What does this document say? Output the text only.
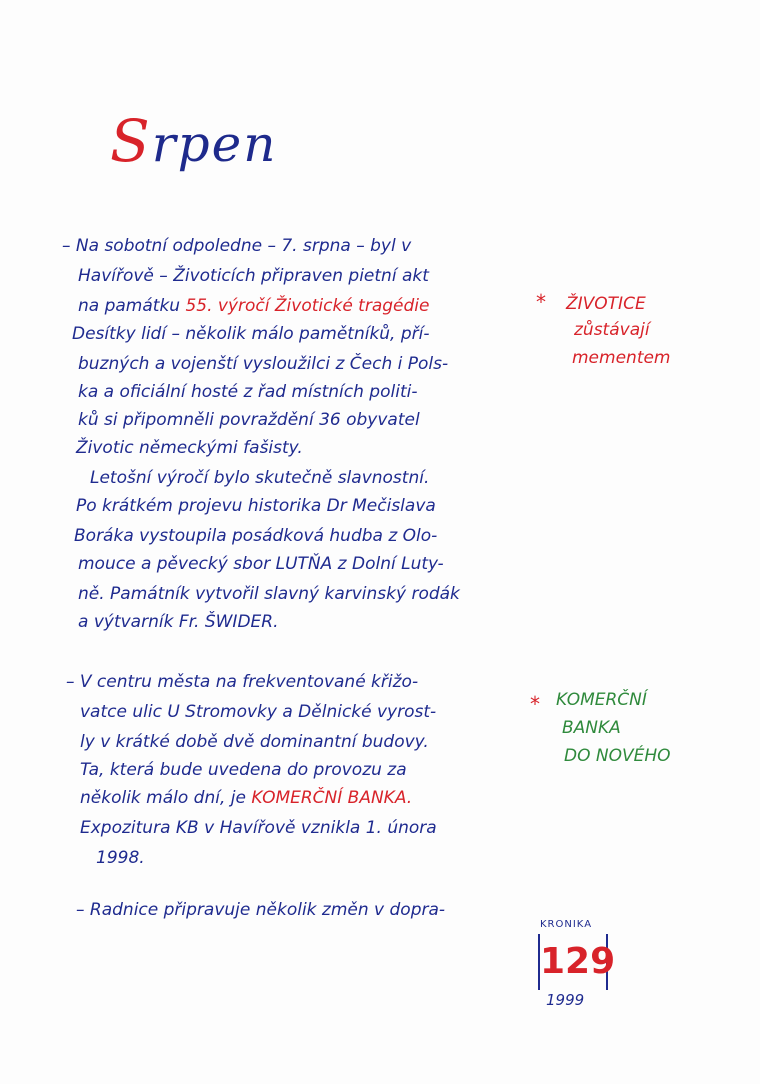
Srpen
– Na sobotní odpoledne – 7. srpna – byl v
Havířově – Životicích připraven pietní akt
na památku 55. výročí Životické tragédie
Desítky lidí – několik málo pamětníků, pří-
buzných a vojenští vysloužilci z Čech i Pols-
ka a oficiální hosté z řad místních politi-
ků si připomněli povraždění 36 obyvatel
Životic německými fašisty.
Letošní výročí bylo skutečně slavnostní.
Po krátkém projevu historika Dr Mečislava
Boráka vystoupila posádková hudba z Olo-
mouce a pěvecký sbor LUTŇA z Dolní Luty-
ně. Památník vytvořil slavný karvinský rodák
a výtvarník Fr. ŠWIDER.
* ŽIVOTICE
zůstávají
mementem
– V centru města na frekventované křižo-
vatce ulic U Stromovky a Dělnické vyrost-
ly v krátké době dvě dominantní budovy.
Ta, která bude uvedena do provozu za
několik málo dní, je KOMERČNÍ BANKA.
Expozitura KB v Havířově vznikla 1. února
1998.
* KOMERČNÍ
BANKA
DO NOVÉHO
– Radnice připravuje několik změn v dopra-
KRONIKA
129
1999
